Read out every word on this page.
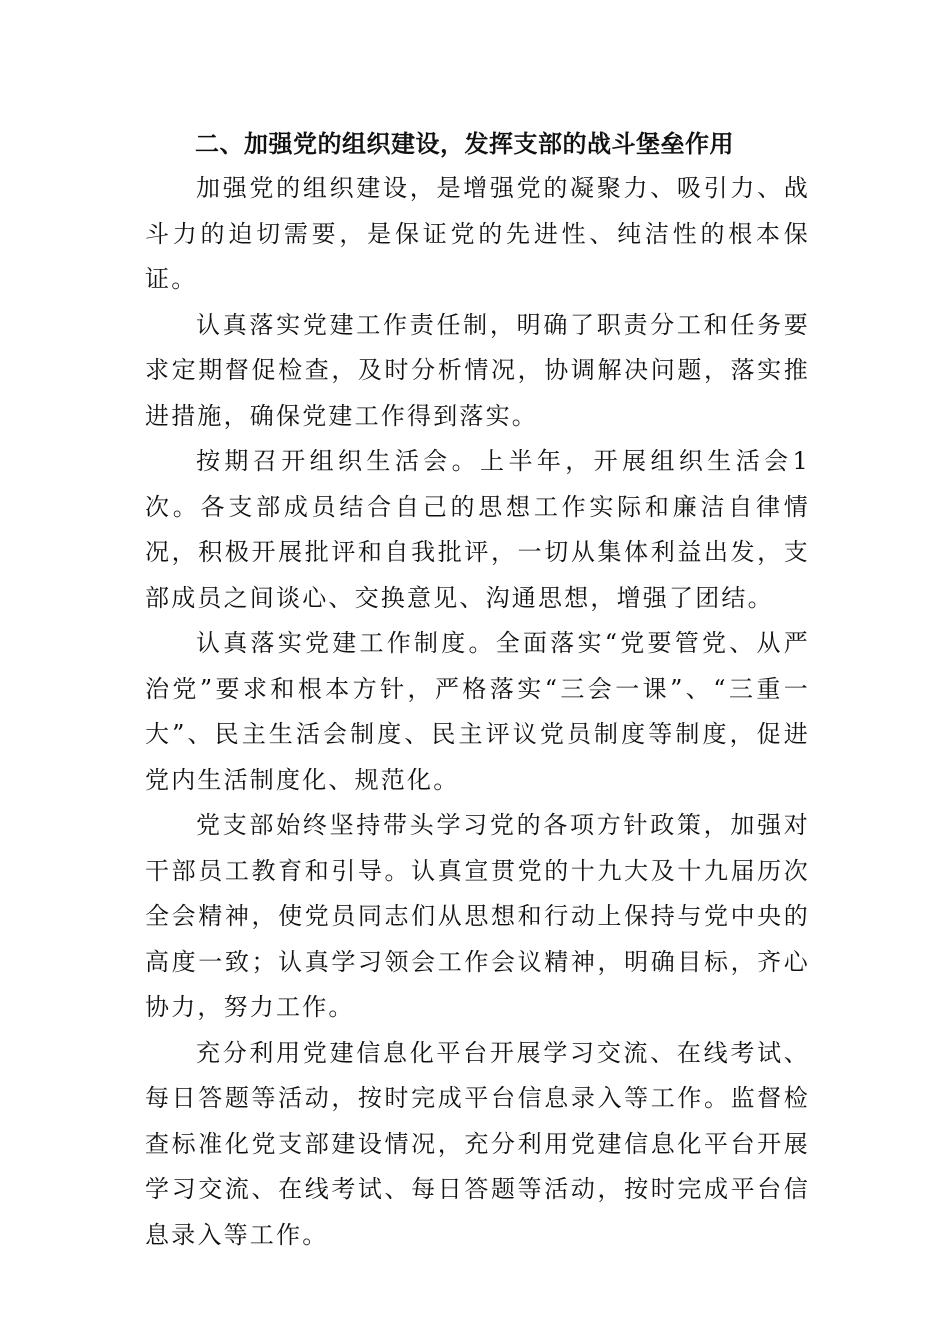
二、加强党的组织建设，发挥支部的战斗堡垒作用

加强党的组织建设，是增强党的凝聚力、吸引力、战斗力的迫切需要，是保证党的先进性、纯洁性的根本保证。

认真落实党建工作责任制，明确了职责分工和任务要求定期督促检查，及时分析情况，协调解决问题，落实推进措施，确保党建工作得到落实。

按期召开组织生活会。上半年，开展组织生活会1次。各支部成员结合自己的思想工作实际和廉洁自律情况，积极开展批评和自我批评，一切从集体利益出发，支部成员之间谈心、交换意见、沟通思想，增强了团结。

认真落实党建工作制度。全面落实“党要管党、从严治党”要求和根本方针，严格落实“三会一课”、“三重一大”、民主生活会制度、民主评议党员制度等制度，促进党内生活制度化、规范化。

党支部始终坚持带头学习党的各项方针政策，加强对干部员工教育和引导。认真宣贯党的十九大及十九届历次全会精神，使党员同志们从思想和行动上保持与党中央的高度一致；认真学习领会工作会议精神，明确目标，齐心协力，努力工作。

充分利用党建信息化平台开展学习交流、在线考试、每日答题等活动，按时完成平台信息录入等工作。监督检查标准化党支部建设情况，充分利用党建信息化平台开展学习交流、在线考试、每日答题等活动，按时完成平台信息录入等工作。
